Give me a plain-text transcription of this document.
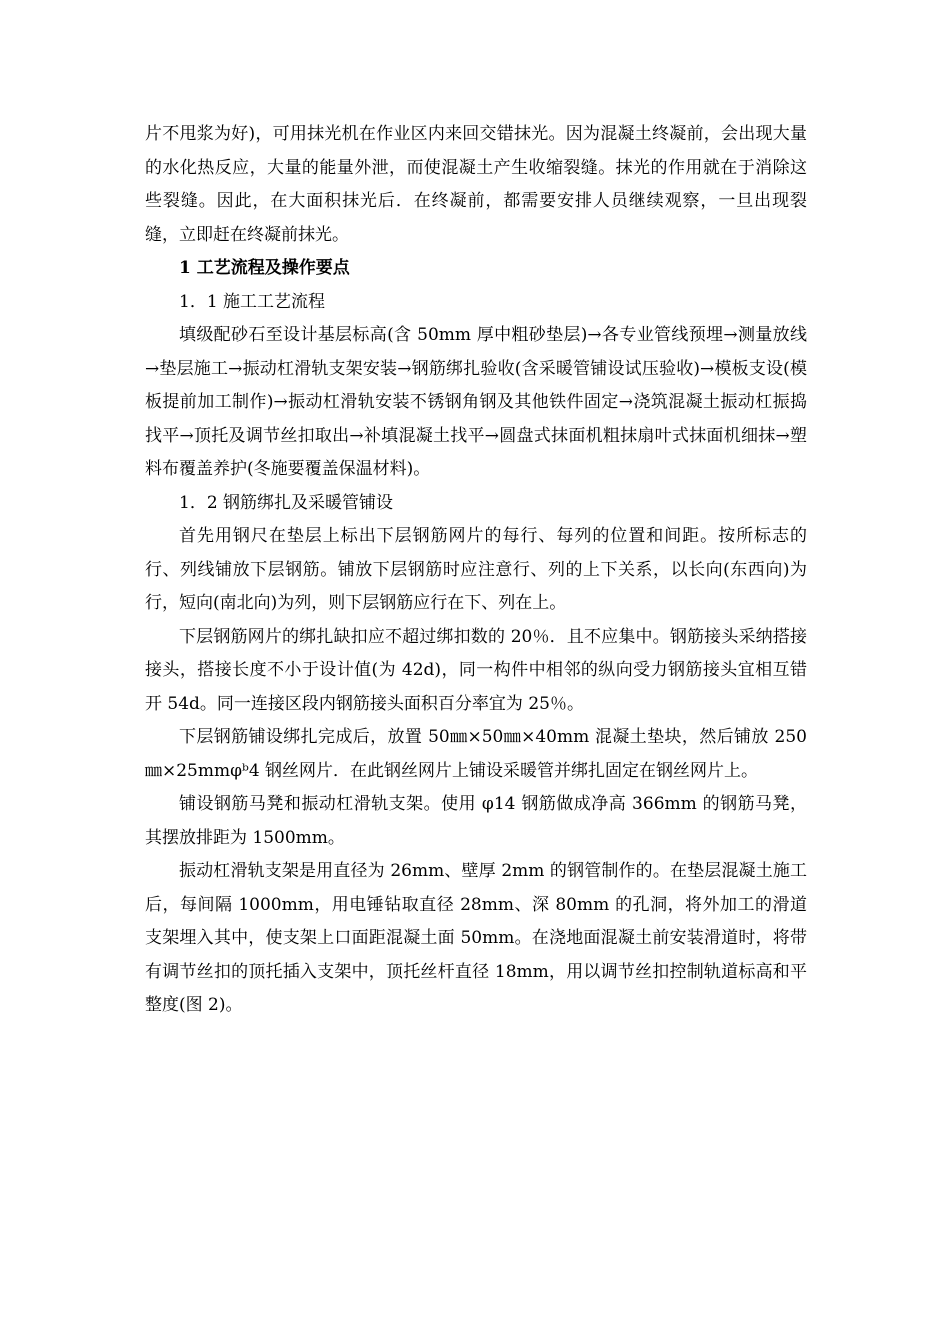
片不甩浆为好)，可用抹光机在作业区内来回交错抹光。因为混凝土终凝前，会出现大量的水化热反应，大量的能量外泄，而使混凝土产生收缩裂缝。抹光的作用就在于消除这些裂缝。因此，在大面积抹光后．在终凝前，都需要安排人员继续观察，一旦出现裂缝，立即赶在终凝前抹光。

1 工艺流程及操作要点

1．1 施工工艺流程

填级配砂石至设计基层标高(含 50mm 厚中粗砂垫层)→各专业管线预埋→测量放线→垫层施工→振动杠滑轨支架安装→钢筋绑扎验收(含采暖管铺设试压验收)→模板支设(模板提前加工制作)→振动杠滑轨安装不锈钢角钢及其他铁件固定→浇筑混凝土振动杠振捣找平→顶托及调节丝扣取出→补填混凝土找平→圆盘式抹面机粗抹扇叶式抹面机细抹→塑料布覆盖养护(冬施要覆盖保温材料)。

1．2 钢筋绑扎及采暖管铺设

首先用钢尺在垫层上标出下层钢筋网片的每行、每列的位置和间距。按所标志的行、列线铺放下层钢筋。铺放下层钢筋时应注意行、列的上下关系，以长向(东西向)为行，短向(南北向)为列，则下层钢筋应行在下、列在上。

下层钢筋网片的绑扎缺扣应不超过绑扣数的 20％．且不应集中。钢筋接头采纳搭接接头，搭接长度不小于设计值(为 42d)，同一构件中相邻的纵向受力钢筋接头宜相互错开 54d。同一连接区段内钢筋接头面积百分率宜为 25％。

下层钢筋铺设绑扎完成后，放置 50㎜×50㎜×40mm 混凝土垫块，然后铺放 250㎜×25mmφᵇ4 钢丝网片．在此钢丝网片上铺设采暖管并绑扎固定在钢丝网片上。

铺设钢筋马凳和振动杠滑轨支架。使用 φ14 钢筋做成净高 366mm 的钢筋马凳，其摆放排距为 1500mm。

振动杠滑轨支架是用直径为 26mm、壁厚 2mm 的钢管制作的。在垫层混凝土施工后，每间隔 1000mm，用电锤钻取直径 28mm、深 80mm 的孔洞，将外加工的滑道支架埋入其中，使支架上口面距混凝土面 50mm。在浇地面混凝土前安装滑道时，将带有调节丝扣的顶托插入支架中，顶托丝杆直径 18mm，用以调节丝扣控制轨道标高和平整度(图 2)。
